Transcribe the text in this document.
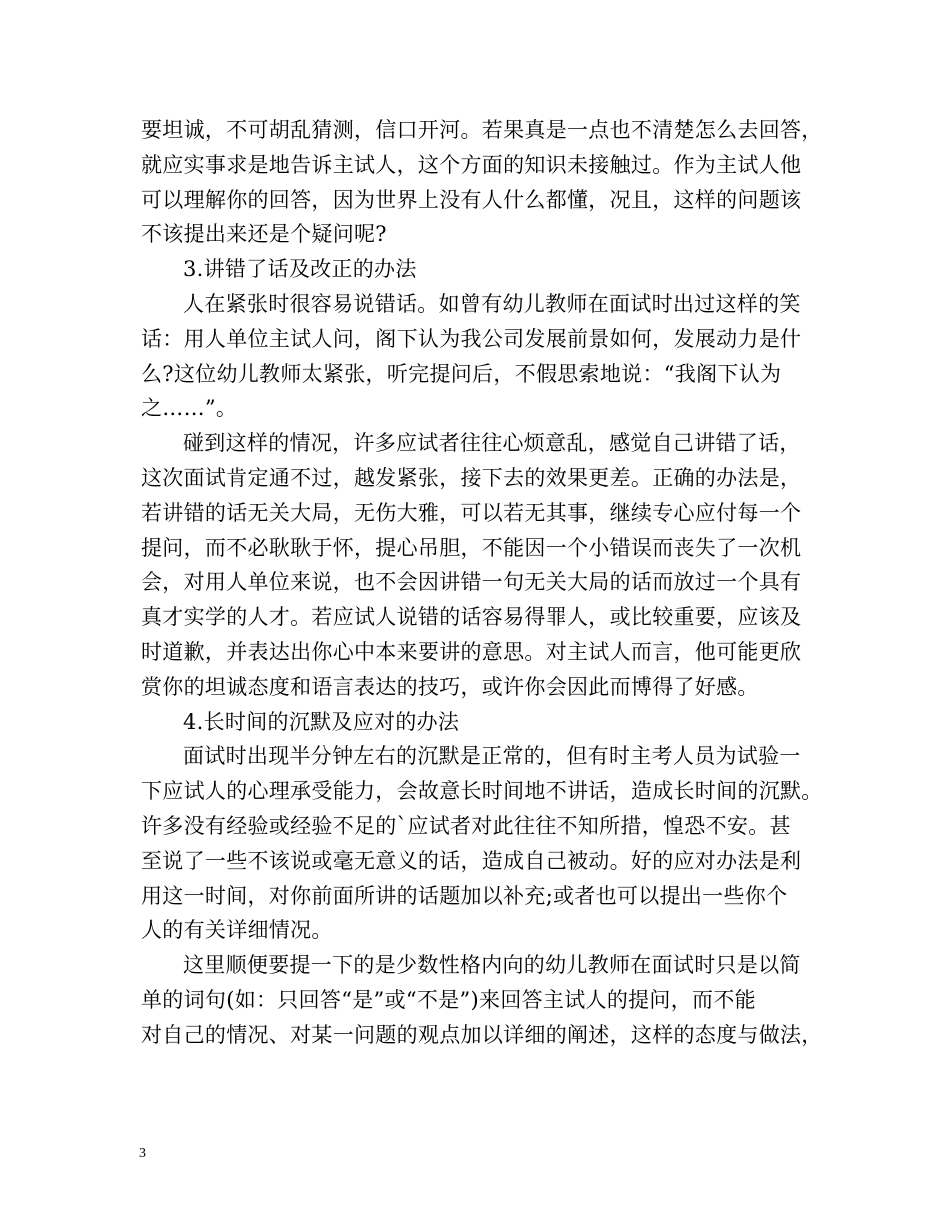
要坦诚，不可胡乱猜测，信口开河。若果真是一点也不清楚怎么去回答，
就应实事求是地告诉主试人，这个方面的知识未接触过。作为主试人他
可以理解你的回答，因为世界上没有人什么都懂，况且，这样的问题该
不该提出来还是个疑问呢?
3.讲错了话及改正的办法
人在紧张时很容易说错话。如曾有幼儿教师在面试时出过这样的笑
话：用人单位主试人问，阁下认为我公司发展前景如何，发展动力是什
么?这位幼儿教师太紧张，听完提问后，不假思索地说：“我阁下认为
之……”。
碰到这样的情况，许多应试者往往心烦意乱，感觉自己讲错了话，
这次面试肯定通不过，越发紧张，接下去的效果更差。正确的办法是，
若讲错的话无关大局，无伤大雅，可以若无其事，继续专心应付每一个
提问，而不必耿耿于怀，提心吊胆，不能因一个小错误而丧失了一次机
会，对用人单位来说，也不会因讲错一句无关大局的话而放过一个具有
真才实学的人才。若应试人说错的话容易得罪人，或比较重要，应该及
时道歉，并表达出你心中本来要讲的意思。对主试人而言，他可能更欣
赏你的坦诚态度和语言表达的技巧，或许你会因此而博得了好感。
4.长时间的沉默及应对的办法
面试时出现半分钟左右的沉默是正常的，但有时主考人员为试验一
下应试人的心理承受能力，会故意长时间地不讲话，造成长时间的沉默。
许多没有经验或经验不足的`应试者对此往往不知所措，惶恐不安。甚
至说了一些不该说或毫无意义的话，造成自己被动。好的应对办法是利
用这一时间，对你前面所讲的话题加以补充;或者也可以提出一些你个
人的有关详细情况。
这里顺便要提一下的是少数性格内向的幼儿教师在面试时只是以简
单的词句(如：只回答“是”或“不是”)来回答主试人的提问，而不能
对自己的情况、对某一问题的观点加以详细的阐述，这样的态度与做法，
3
